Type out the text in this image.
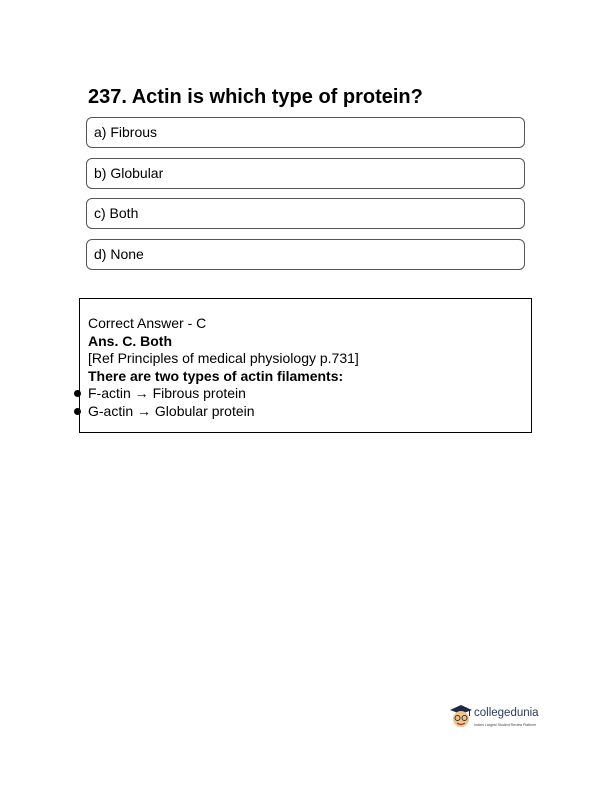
237. Actin is which type of protein?
a) Fibrous
b) Globular
c) Both
d) None
Correct Answer - C
Ans. C. Both
[Ref Principles of medical physiology p.731]
There are two types of actin filaments:
F-actin → Fibrous protein
G-actin → Globular protein
collegedunia
India's Largest Student Review Platform
